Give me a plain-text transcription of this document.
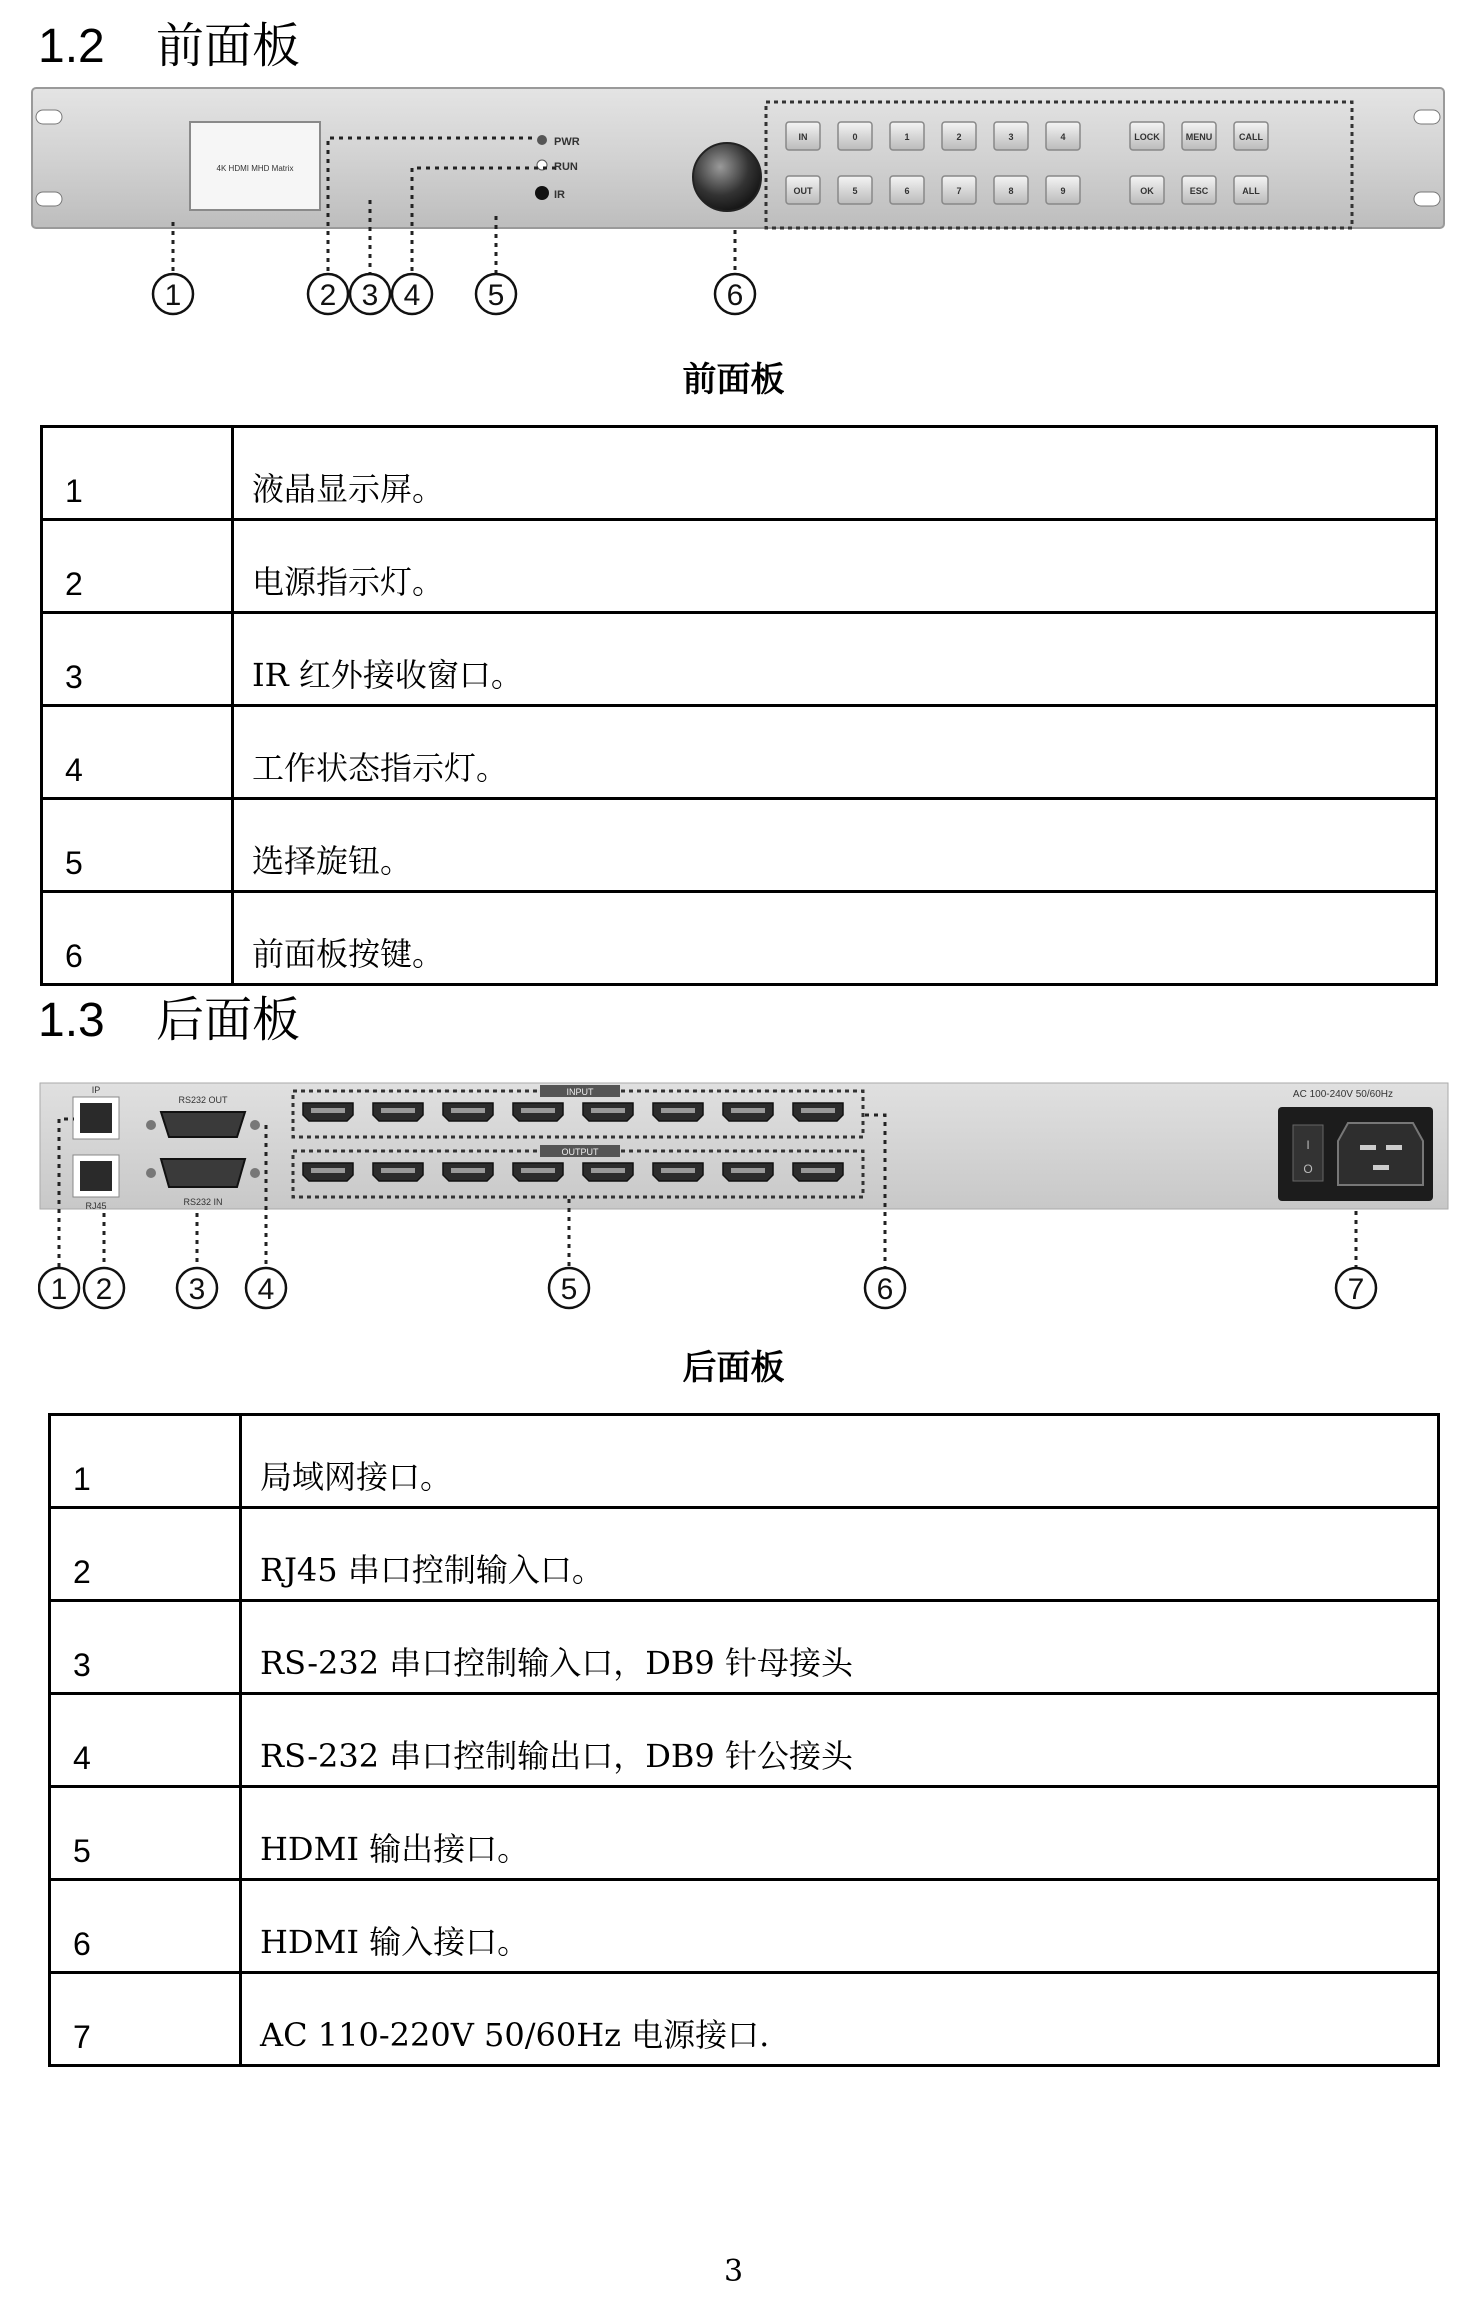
1.2 前面板
4K HDMI MHD Matrix
PWR
RUN
IR
IN	0	1	2	3	4	LOCK	MENU	CALL
OUT	5	6	7	8	9	OK	ESC	ALL
1	2 3 4 5	6
前面板
1	液晶显示屏。
2	电源指示灯。
3	IR 红外接收窗口。
4	工作状态指示灯。
5	选择旋钮。
6	前面板按键。
1.3 后面板
IP
RJ45
RS232 OUT
RS232 IN
INPUT
OUTPUT
AC 100-240V 50/60Hz
I
O
1 2	3 4	5	6	7
后面板
1	局域网接口。
2	RJ45 串口控制输入口。
3	RS-232 串口控制输入口，DB9 针母接头
4	RS-232 串口控制输出口，DB9 针公接头
5	HDMI 输出接口。
6	HDMI 输入接口。
7	AC 110-220V 50/60Hz 电源接口.
3
